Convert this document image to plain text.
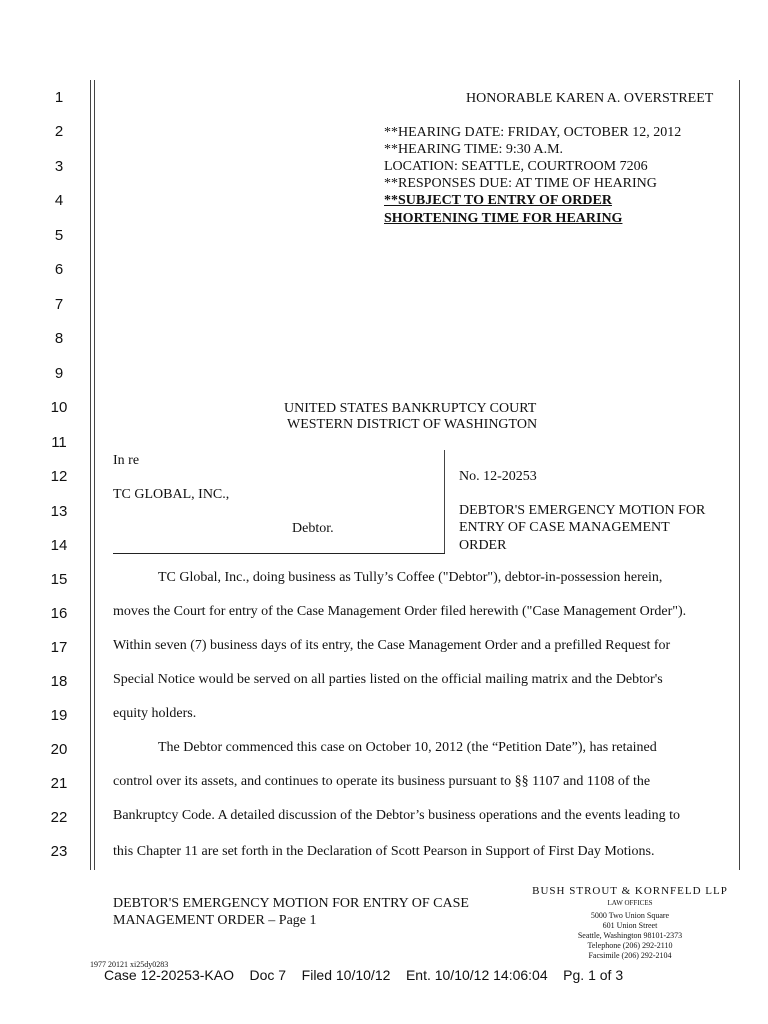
1
2
3
4
5
6
7
8
9
10
11
12
13
14
15
16
17
18
19
20
21
22
23
HONORABLE KAREN A. OVERSTREET
**HEARING DATE: FRIDAY, OCTOBER 12, 2012
**HEARING TIME: 9:30 A.M.
LOCATION: SEATTLE, COURTROOM 7206
**RESPONSES DUE: AT TIME OF HEARING
**SUBJECT TO ENTRY OF ORDER
SHORTENING TIME FOR HEARING
UNITED STATES BANKRUPTCY COURT
WESTERN DISTRICT OF WASHINGTON
In re
TC GLOBAL, INC.,
Debtor.
No. 12-20253
DEBTOR'S EMERGENCY MOTION FOR
ENTRY OF CASE MANAGEMENT
ORDER
TC Global, Inc., doing business as Tully’s Coffee ("Debtor"), debtor-in-possession herein,
moves the Court for entry of the Case Management Order filed herewith ("Case Management Order").
Within seven (7) business days of its entry, the Case Management Order and a prefilled Request for
Special Notice would be served on all parties listed on the official mailing matrix and the Debtor's
equity holders.
The Debtor commenced this case on October 10, 2012 (the “Petition Date”), has retained
control over its assets, and continues to operate its business pursuant to §§ 1107 and 1108 of the
Bankruptcy Code. A detailed discussion of the Debtor’s business operations and the events leading to
this Chapter 11 are set forth in the Declaration of Scott Pearson in Support of First Day Motions.
DEBTOR'S EMERGENCY MOTION FOR ENTRY OF CASE
MANAGEMENT ORDER – Page 1
1977 20121 xi25dy0283
BUSH STROUT & KORNFELD LLP
LAW OFFICES
5000 Two Union Square
601 Union Street
Seattle, Washington 98101-2373
Telephone (206) 292-2110
Facsimile (206) 292-2104
Case 12-20253-KAO    Doc 7    Filed 10/10/12    Ent. 10/10/12 14:06:04    Pg. 1 of 3
